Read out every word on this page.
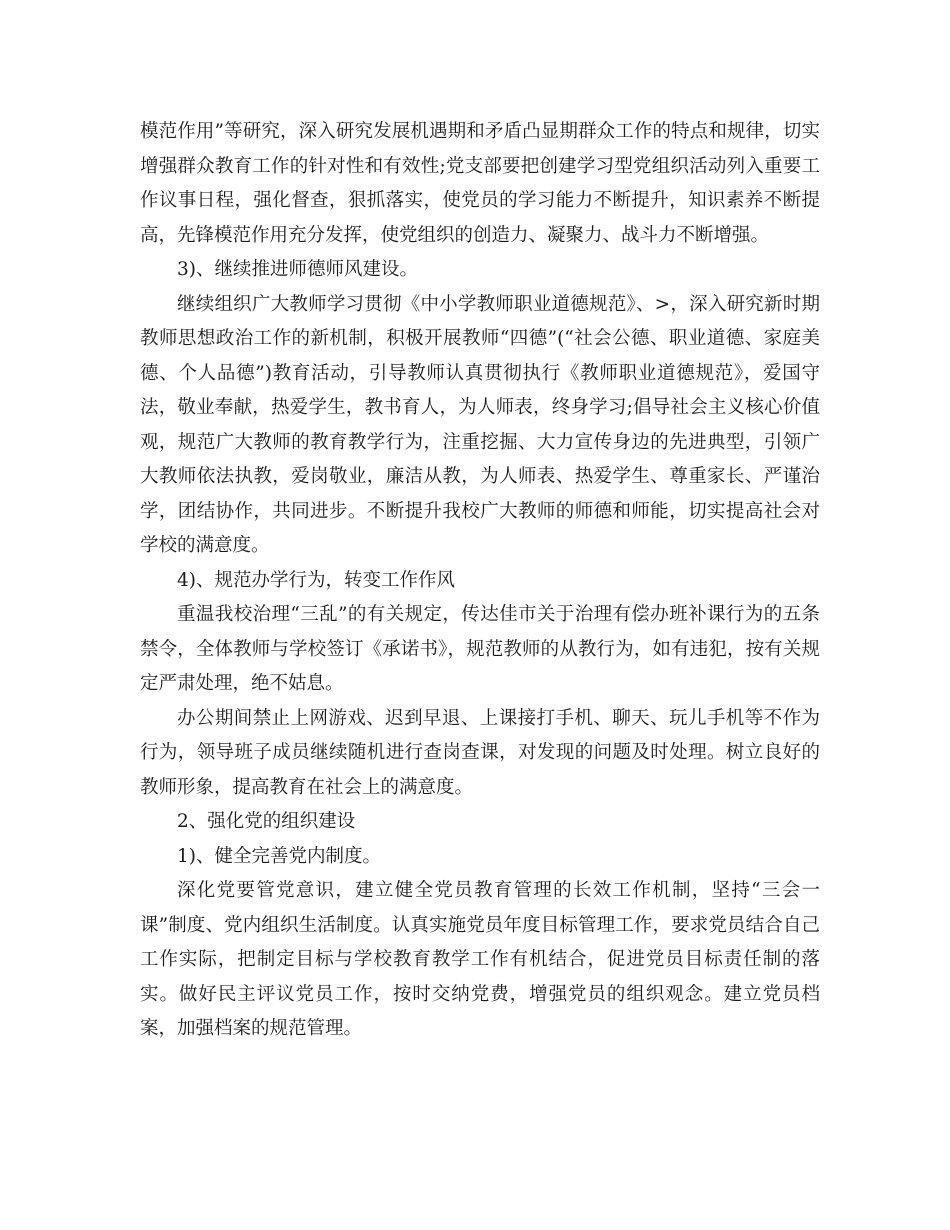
模范作用”等研究，深入研究发展机遇期和矛盾凸显期群众工作的特点和规律，切实增强群众教育工作的针对性和有效性;党支部要把创建学习型党组织活动列入重要工作议事日程，强化督查，狠抓落实，使党员的学习能力不断提升，知识素养不断提高，先锋模范作用充分发挥，使党组织的创造力、凝聚力、战斗力不断增强。

3)、继续推进师德师风建设。

继续组织广大教师学习贯彻《中小学教师职业道德规范》、>，深入研究新时期教师思想政治工作的新机制，积极开展教师“四德”(“社会公德、职业道德、家庭美德、个人品德”)教育活动，引导教师认真贯彻执行《教师职业道德规范》，爱国守法，敬业奉献，热爱学生，教书育人，为人师表，终身学习;倡导社会主义核心价值观，规范广大教师的教育教学行为，注重挖掘、大力宣传身边的先进典型，引领广大教师依法执教，爱岗敬业，廉洁从教，为人师表、热爱学生、尊重家长、严谨治学，团结协作，共同进步。不断提升我校广大教师的师德和师能，切实提高社会对学校的满意度。

4)、规范办学行为，转变工作作风

重温我校治理“三乱”的有关规定，传达佳市关于治理有偿办班补课行为的五条禁令，全体教师与学校签订《承诺书》，规范教师的从教行为，如有违犯，按有关规定严肃处理，绝不姑息。

办公期间禁止上网游戏、迟到早退、上课接打手机、聊天、玩儿手机等不作为行为，领导班子成员继续随机进行查岗查课，对发现的问题及时处理。树立良好的教师形象，提高教育在社会上的满意度。

2、强化党的组织建设

1)、健全完善党内制度。

深化党要管党意识，建立健全党员教育管理的长效工作机制，坚持“三会一课”制度、党内组织生活制度。认真实施党员年度目标管理工作，要求党员结合自己工作实际，把制定目标与学校教育教学工作有机结合，促进党员目标责任制的落实。做好民主评议党员工作，按时交纳党费，增强党员的组织观念。建立党员档案，加强档案的规范管理。
